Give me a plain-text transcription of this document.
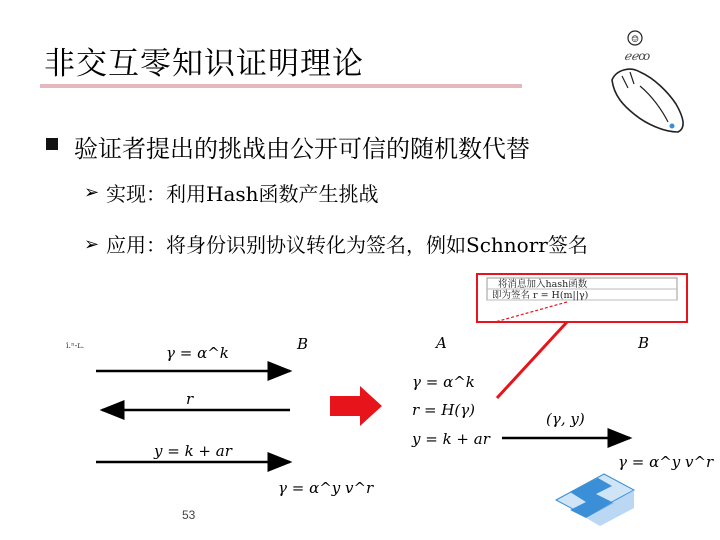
非交互零知识证明理论
验证者提出的挑战由公开可信的随机数代替
➢ 实现：利用Hash函数产生挑战
➢ 应用：将身份识别协议转化为签名，例如Schnorr签名
ℯℯꝏ
☺
将消息加入hash函数
即为签名 r = H(m||γ)
i.ⁿ-ʟ.	B
γ = α^k
r
y = k + ar
γ = α^y v^r
A	B
γ = α^k
r = H(γ)
y = k + ar
(γ, y)
γ = α^y v^r
53
